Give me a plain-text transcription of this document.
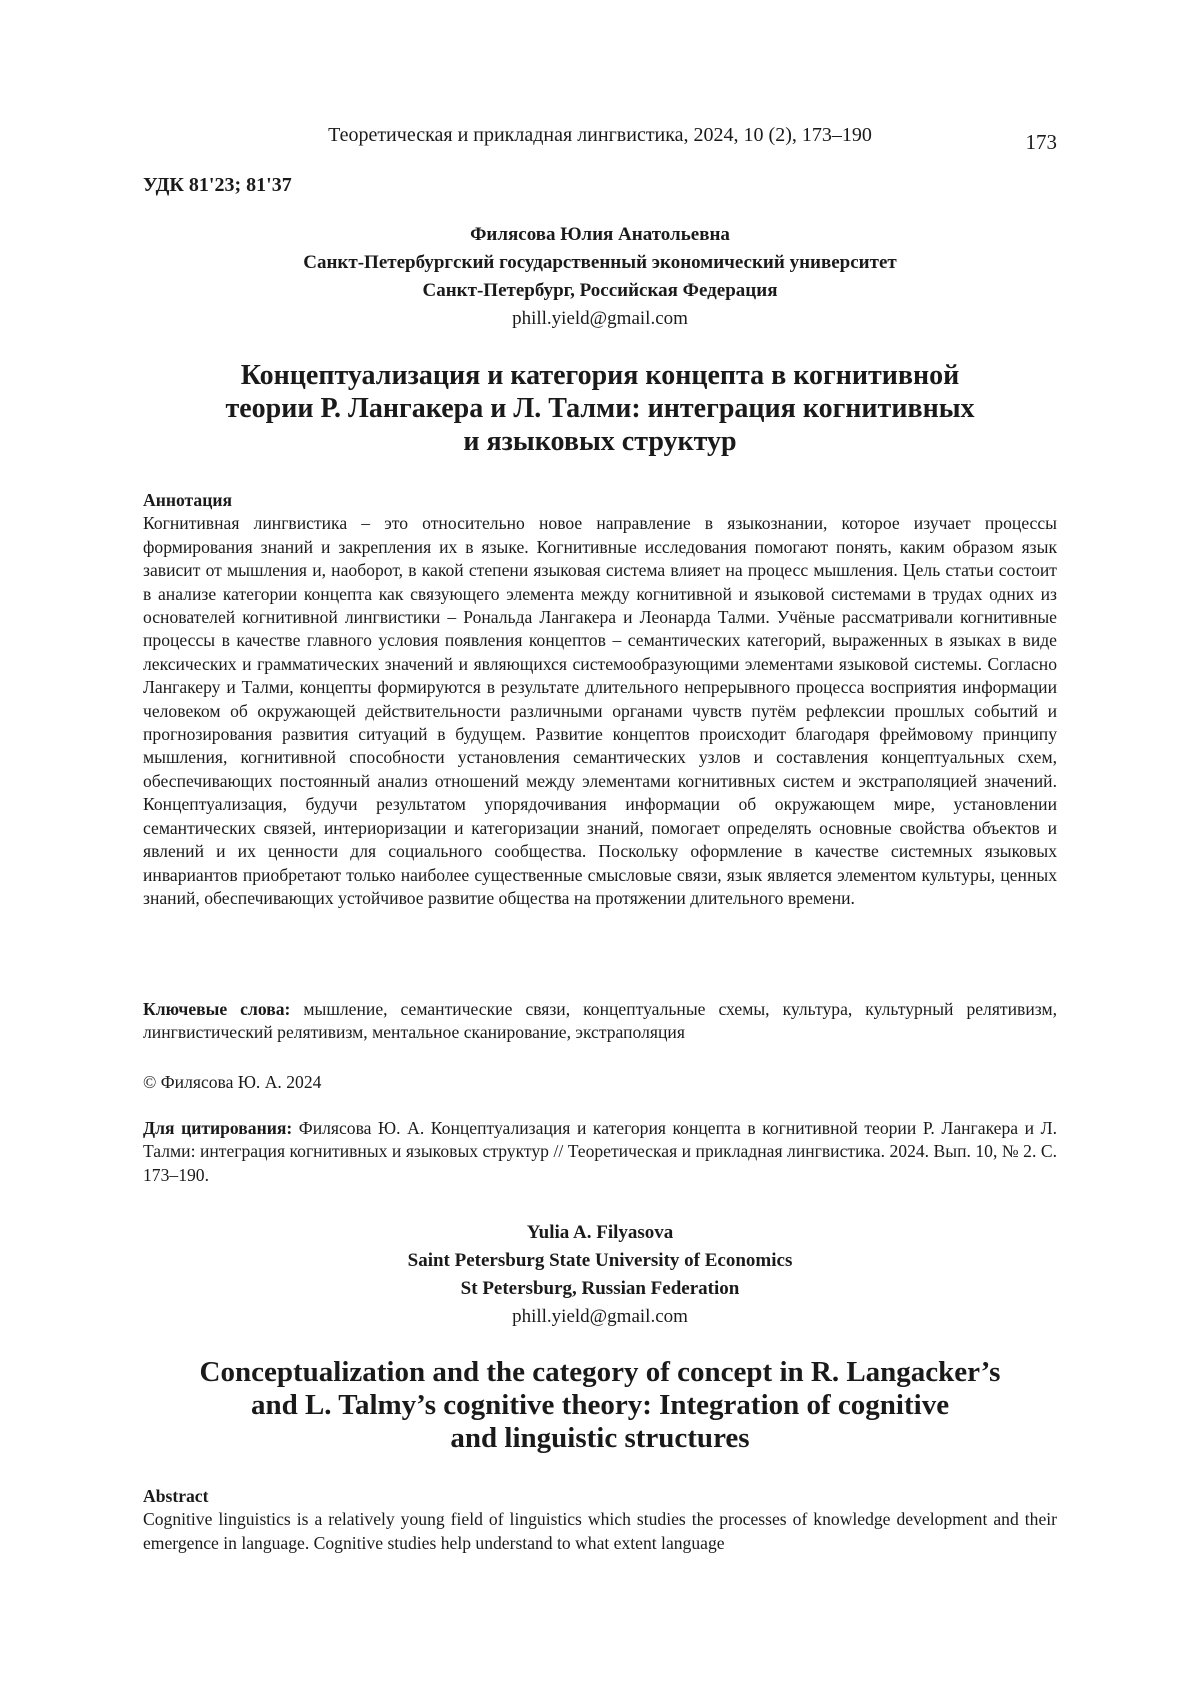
Теоретическая и прикладная лингвистика, 2024, 10 (2), 173–190	173

УДК 81'23; 81'37

Филясова Юлия Анатольевна
Санкт-Петербургский государственный экономический университет
Санкт-Петербург, Российская Федерация
phill.yield@gmail.com
Концептуализация и категория концепта в когнитивной
теории Р. Лангакера и Л. Талми: интеграция когнитивных
и языковых структур

Аннотация

Когнитивная лингвистика – это относительно новое направление в языкознании, которое изучает процессы формирования знаний и закрепления их в языке. Когнитивные исследования помогают понять, каким образом язык зависит от мышления и, наоборот, в какой степени языковая система влияет на процесс мышления. Цель статьи состоит в анализе категории концепта как связующего элемента между когнитивной и языковой системами в трудах одних из основателей когнитивной лингвистики – Рональда Лангакера и Леонарда Талми. Учёные рассматривали когнитивные процессы в качестве главного условия появления концептов – семантических категорий, выраженных в языках в виде лексических и грамматических значений и являющихся системообразующими элементами языковой системы. Согласно Лангакеру и Талми, концепты формируются в результате длительного непрерывного процесса восприятия информации человеком об окружающей действительности различными органами чувств путём рефлексии прошлых событий и прогнозирования развития ситуаций в будущем. Развитие концептов происходит благодаря фреймовому принципу мышления, когнитивной способности установления семантических узлов и составления концептуальных схем, обеспечивающих постоянный анализ отношений между элементами когнитивных систем и экстраполяцией значений. Концептуализация, будучи результатом упорядочивания информации об окружающем мире, установлении семантических связей, интериоризации и категоризации знаний, помогает определять основные свойства объектов и явлений и их ценности для социального сообщества. Поскольку оформление в качестве системных языковых инвариантов приобретают только наиболее существенные смысловые связи, язык является элементом культуры, ценных знаний, обеспечивающих устойчивое развитие общества на протяжении длительного времени.

Ключевые слова: мышление, семантические связи, концептуальные схемы, культура, культурный релятивизм, лингвистический релятивизм, ментальное сканирование, экстраполяция

© Филясова Ю. А. 2024

Для цитирования: Филясова Ю. А. Концептуализация и категория концепта в когнитивной теории Р. Лангакера и Л. Талми: интеграция когнитивных и языковых структур // Теоретическая и прикладная лингвистика. 2024. Вып. 10, № 2. С. 173–190.

Yulia A. Filyasova
Saint Petersburg State University of Economics
St Petersburg, Russian Federation
phill.yield@gmail.com
Conceptualization and the category of concept in R. Langacker’s
and L. Talmy’s cognitive theory: Integration of cognitive
and linguistic structures

Abstract

Cognitive linguistics is a relatively young field of linguistics which studies the processes of knowledge development and their emergence in language. Cognitive studies help understand to what extent language
